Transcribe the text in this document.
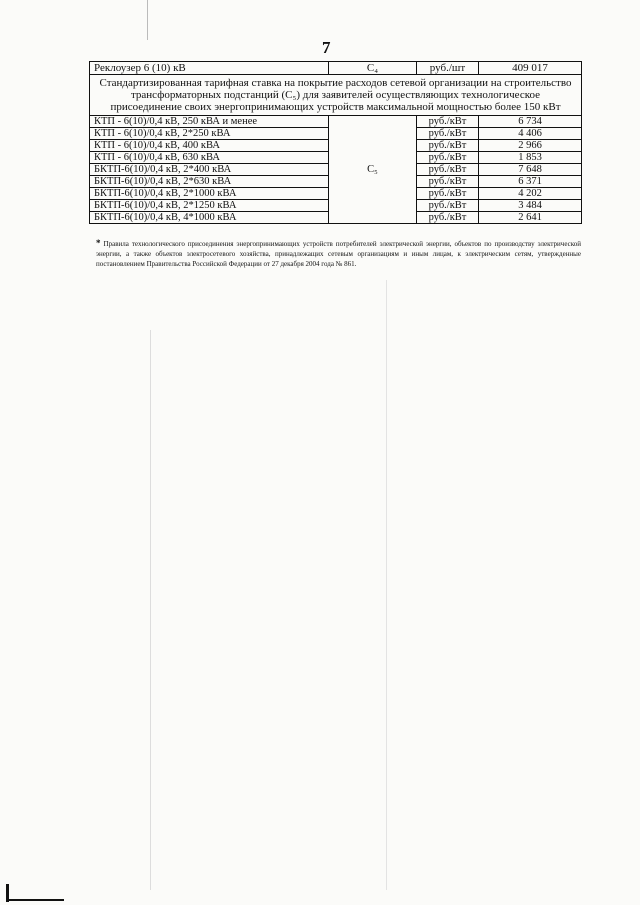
7
Реклоузер 6 (10) кВ	C₄	руб./шт	409 017
Стандартизированная тарифная ставка на покрытие расходов сетевой организации на строительство трансформаторных подстанций (C₅) для заявителей осуществляющих технологическое присоединение своих энергопринимающих устройств максимальной мощностью более 150 кВт			
КТП - 6(10)/0,4 кВ, 250 кВА и менее	C₅	руб./кВт	6 734
КТП - 6(10)/0,4 кВ, 2*250 кВА		руб./кВт	4 406
КТП - 6(10)/0,4 кВ, 400 кВА		руб./кВт	2 966
КТП - 6(10)/0,4 кВ, 630 кВА		руб./кВт	1 853
БКТП-6(10)/0,4 кВ, 2*400 кВА		руб./кВт	7 648
БКТП-6(10)/0,4 кВ, 2*630 кВА		руб./кВт	6 371
БКТП-6(10)/0,4 кВ, 2*1000 кВА		руб./кВт	4 202
БКТП-6(10)/0,4 кВ, 2*1250 кВА		руб./кВт	3 484
БКТП-6(10)/0,4 кВ, 4*1000 кВА		руб./кВт	2 641
* Правила технологического присоединения энергопринимающих устройств потребителей электрической энергии, объектов по производству электрической энергии, а также объектов электросетевого хозяйства, принадлежащих сетевым организациям и иным лицам, к электрическим сетям, утвержденные постановлением Правительства Российской Федерации от 27 декабря 2004 года № 861.
